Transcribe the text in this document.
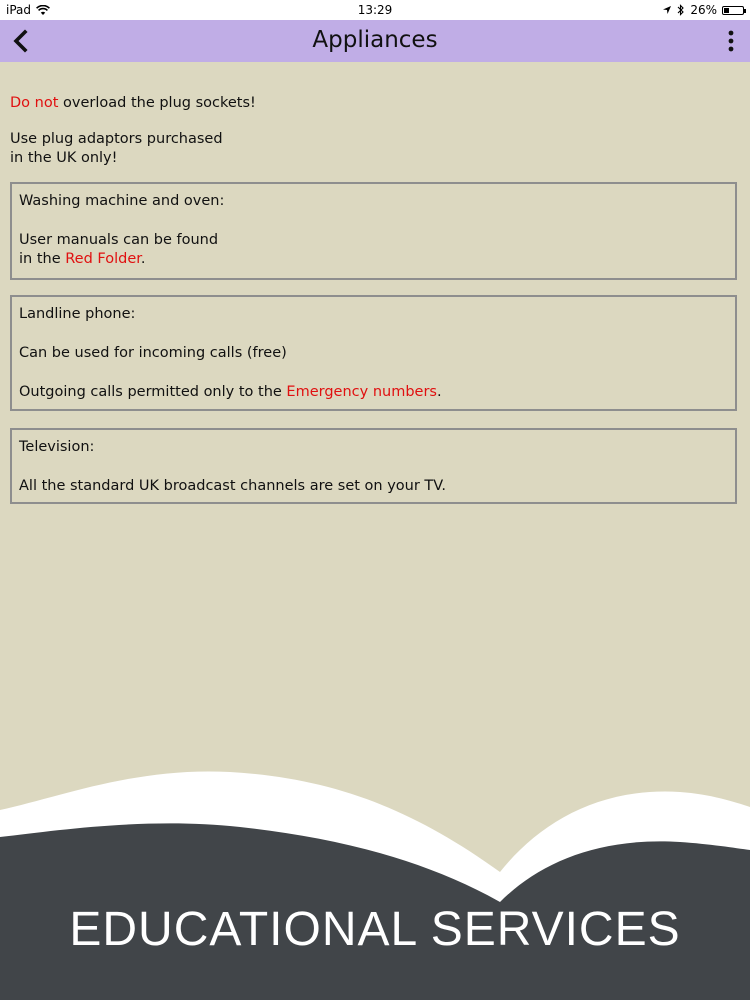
iPad	13:29	26%
Appliances
Do not overload the plug sockets!
Use plug adaptors purchased
in the UK only!

Washing machine and oven:

User manuals can be found
in the Red Folder.

Landline phone:

Can be used for incoming calls (free)

Outgoing calls permitted only to the Emergency numbers.

Television:

All the standard UK broadcast channels are set on your TV.
EDUCATIONAL SERVICES
